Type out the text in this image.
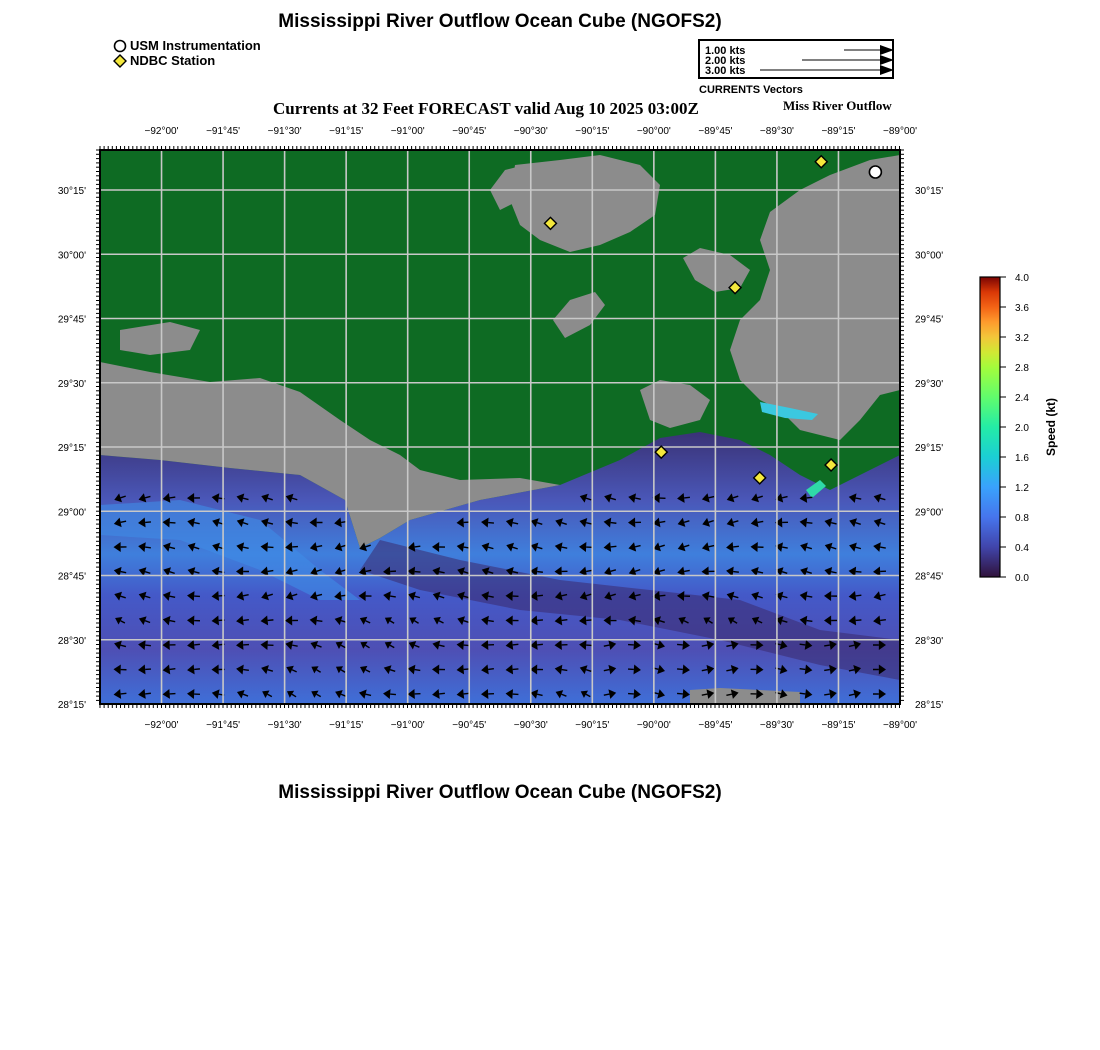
Mississippi River Outflow Ocean Cube (NGOFS2)
USM Instrumentation
NDBC Station
1.00 kts
2.00 kts
3.00 kts
CURRENTS Vectors
Currents at 32 Feet FORECAST valid Aug 10 2025 03:00Z	Miss River Outflow
−92°00'	−91°45'	−91°30'	−91°15'	−91°00'	−90°45'	−90°30'	−90°15'	−90°00'	−89°45'	−89°30'	−89°15'	−89°00'
−92°00'	−91°45'	−91°30'	−91°15'	−91°00'	−90°45'	−90°30'	−90°15'	−90°00'	−89°45'	−89°30'	−89°15'	−89°00'
30°15'
30°00'
29°45'
29°30'
29°15'
29°00'
28°45'
28°30'
28°15'
30°15'
30°00'
29°45'
29°30'
29°15'
29°00'
28°45'
28°30'
28°15'
4.0
3.6
3.2
2.8
2.4
2.0
1.6
1.2
0.8
0.4
0.0
Speed (kt)
Mississippi River Outflow Ocean Cube (NGOFS2)
